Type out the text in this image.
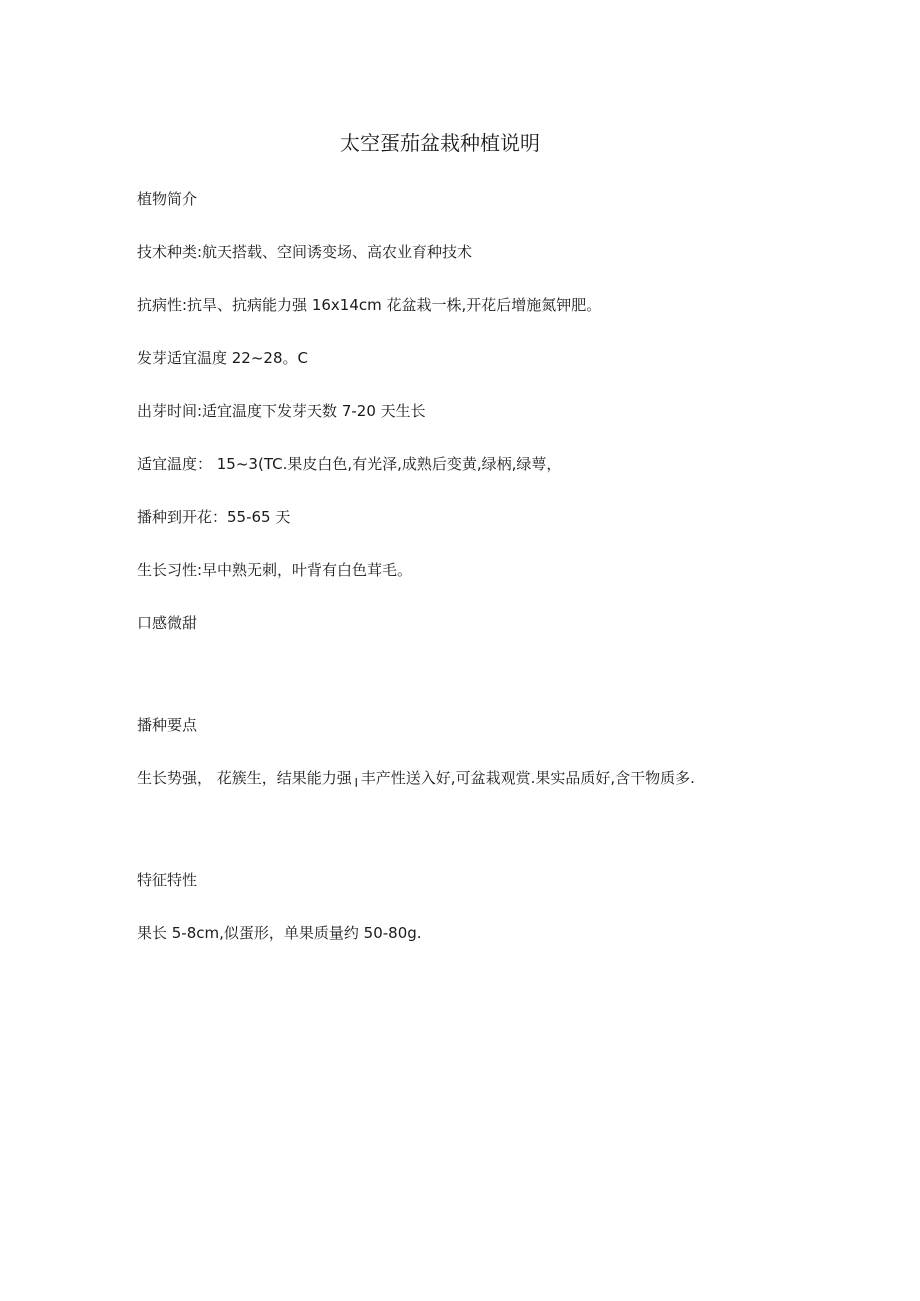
太空蛋茄盆栽种植说明
植物简介
技术种类:航天搭载、空间诱变场、高农业育种技术
抗病性:抗旱、抗病能力强 16x14cm 花盆栽一株,开花后增施氮钾肥。
发芽适宜温度 22~28。C
出芽时间:适宜温度下发芽天数 7-20 天生长
适宜温度： 15~3(TC.果皮白色,有光泽,成熟后变黄,绿柄,绿萼，
播种到开花：55-65 天
生长习性:早中熟无刺，叶背有白色茸毛。
口感微甜
播种要点
生长势强， 花簇生，结果能力强╷丰产性送入好,可盆栽观赏.果实品质好,含干物质多.
特征特性
果长 5-8cm,似蛋形，单果质量约 50-80g.
